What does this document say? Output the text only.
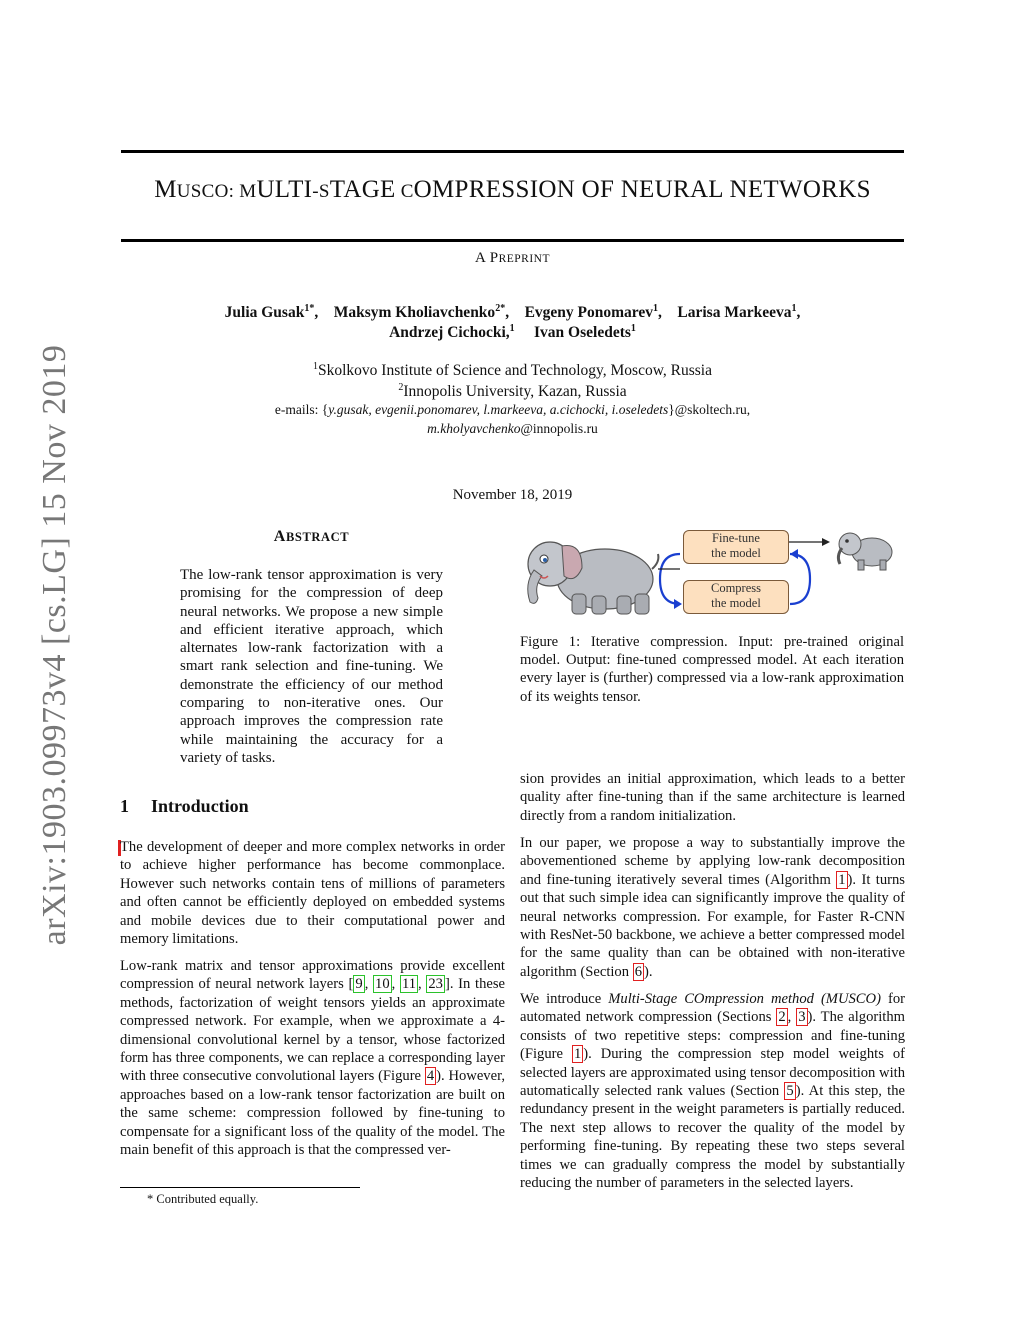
arXiv:1903.09973v4 [cs.LG] 15 Nov 2019
MUSCO: MULTI-STAGE COMPRESSION OF NEURAL NETWORKS
A PREPRINT
Julia Gusak$^{1*}$,    Maksym Kholiavchenko$^{2*}$,    Evgeny Ponomarev$^1$,    Larisa Markeeva$^1$,
Andrzej Cichocki,$^1$ Ivan Oseledets$^1$
$^1$Skolkovo Institute of Science and Technology, Moscow, Russia
$^2$Innopolis University, Kazan, Russia
e-mails: {y.gusak, evgenii.ponomarev, l.markeeva, a.cichocki, i.oseledets}@skoltech.ru,
m.kholyavchenko@innopolis.ru
November 18, 2019
ABSTRACT
The low-rank tensor approximation is very promising for the compression of deep neural networks. We propose a new simple and efficient iterative approach, which alternates low-rank factorization with a smart rank selection and fine-tuning. We demonstrate the efficiency of our method comparing to non-iterative ones. Our approach improves the compression rate while maintaining the accuracy for a variety of tasks.
Fine-tune
the model
Compress
the model
Figure 1: Iterative compression. Input: pre-trained original model. Output: fine-tuned compressed model. At each iteration every layer is (further) compressed via a low-rank approximation of its weights tensor.
1 Introduction
The development of deeper and more complex networks in order to achieve higher performance has become commonplace. However such networks contain tens of millions of parameters and often cannot be efficiently deployed on embedded systems and mobile devices due to their computational power and memory limitations.
Low-rank matrix and tensor approximations provide excellent compression of neural network layers [ 9 , 10 , 11 , 23 ]. In these methods, factorization of weight tensors yields an approximate compressed network. For example, when we approximate a 4-dimensional convolutional kernel by a tensor, whose factorized form has three components, we can replace a corresponding layer with three consecutive convolutional layers (Figure 4 ). However, approaches based on a low-rank tensor factorization are built on the same scheme: compression followed by fine-tuning to compensate for a significant loss of the quality of the model. The main benefit of this approach is that the compressed ver-
sion provides an initial approximation, which leads to a better quality after fine-tuning than if the same architecture is learned directly from a random initialization.
In our paper, we propose a way to substantially improve the abovementioned scheme by applying low-rank decomposition and fine-tuning iteratively several times (Algorithm 1 ). It turns out that such simple idea can significantly improve the quality of neural networks compression. For example, for Faster R-CNN with ResNet-50 backbone, we achieve a better compressed model for the same quality than can be obtained with non-iterative algorithm (Section 6 ).
We introduce Multi-Stage COmpression method (MUSCO) for automated network compression (Sections 2 , 3 ). The algorithm consists of two repetitive steps: compression and fine-tuning (Figure 1 ). During the compression step model weights of selected layers are approximated using tensor decomposition with automatically selected rank values (Section 5 ). At this step, the redundancy present in the weight parameters is partially reduced. The next step allows to recover the quality of the model by performing fine-tuning. By repeating these two steps several times we can gradually compress the model by substantially reducing the number of parameters in the selected layers.
* Contributed equally.
